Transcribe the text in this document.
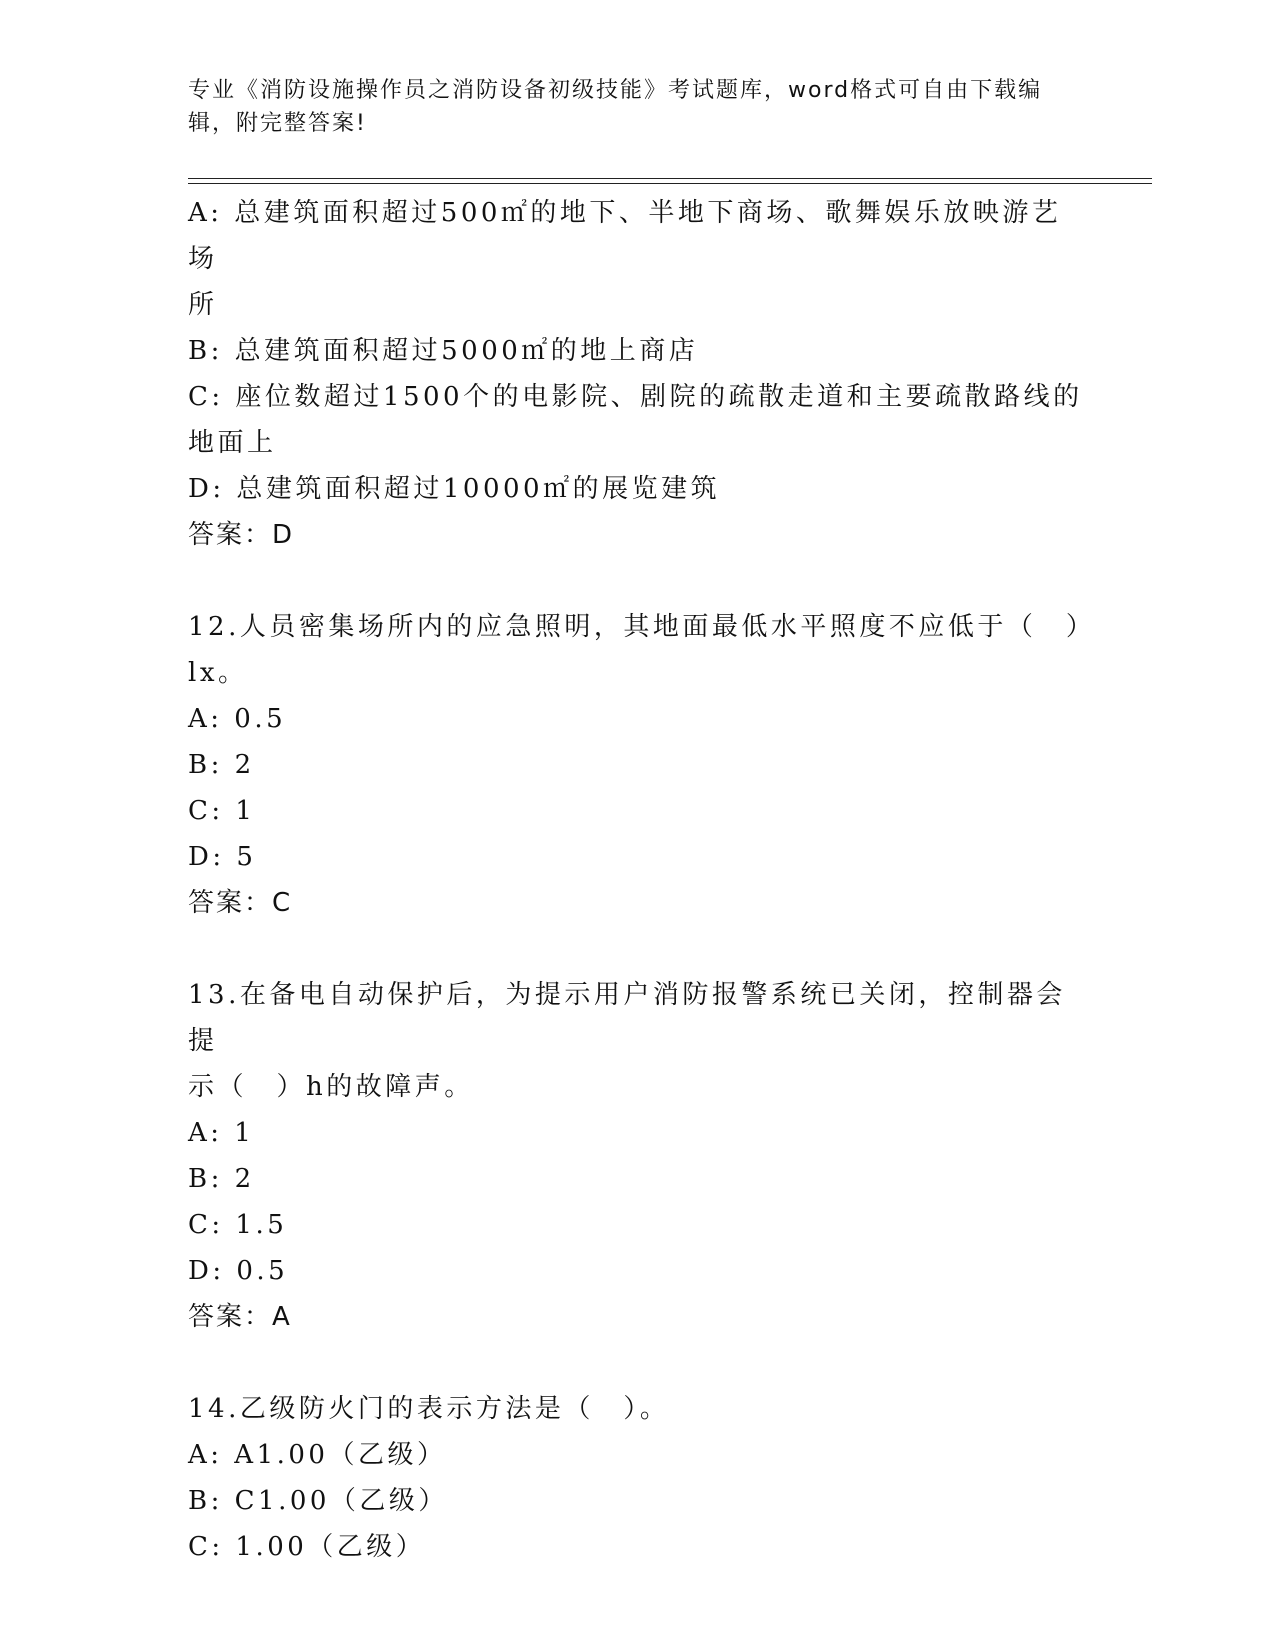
专业《消防设施操作员之消防设备初级技能》考试题库，word格式可自由下载编
辑，附完整答案!
A: 总建筑面积超过500㎡的地下、半地下商场、歌舞娱乐放映游艺场
所
B: 总建筑面积超过5000㎡的地上商店
C: 座位数超过1500个的电影院、剧院的疏散走道和主要疏散路线的
地面上
D: 总建筑面积超过10000㎡的展览建筑
答案：D
12.人员密集场所内的应急照明，其地面最低水平照度不应低于（　）
lx。
A: 0.5
B: 2
C: 1
D: 5
答案：C
13.在备电自动保护后，为提示用户消防报警系统已关闭，控制器会提
示（　）h的故障声。
A: 1
B: 2
C: 1.5
D: 0.5
答案：A
14.乙级防火门的表示方法是（　）。
A: A1.00（乙级）
B: C1.00（乙级）
C: 1.00（乙级）
